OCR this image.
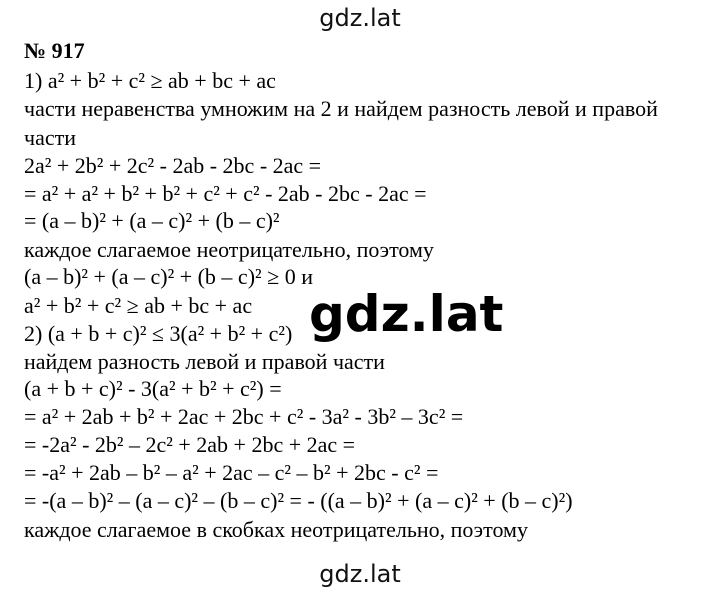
gdz.lat
№ 917
1) a² + b² + c² ≥ ab + bc + ac
части неравенства умножим на 2 и найдем разность левой и правой
части
2a² + 2b² + 2c² - 2ab - 2bc - 2ac =
= a² + a² + b² + b² + c² + c² - 2ab - 2bc - 2ac =
= (a – b)² + (a – c)² + (b – c)²
каждое слагаемое неотрицательно, поэтому
(a – b)² + (a – c)² + (b – c)² ≥ 0 и
a² + b² + c² ≥ ab + bc + ac
2) (a + b + c)² ≤ 3(a² + b² + c²)
найдем разность левой и правой части
(a + b + c)² - 3(a² + b² + c²) =
= a² + 2ab + b² + 2ac + 2bc + c² - 3a² - 3b² – 3c² =
= -2a² - 2b² – 2c² + 2ab + 2bc + 2ac =
= -a² + 2ab – b² – a² + 2ac – c² – b² + 2bc - c² =
= -(a – b)² – (a – c)² – (b – c)² = - ((a – b)² + (a – c)² + (b – c)²)
каждое слагаемое в скобках неотрицательно, поэтому
gdz.lat
gdz.lat
